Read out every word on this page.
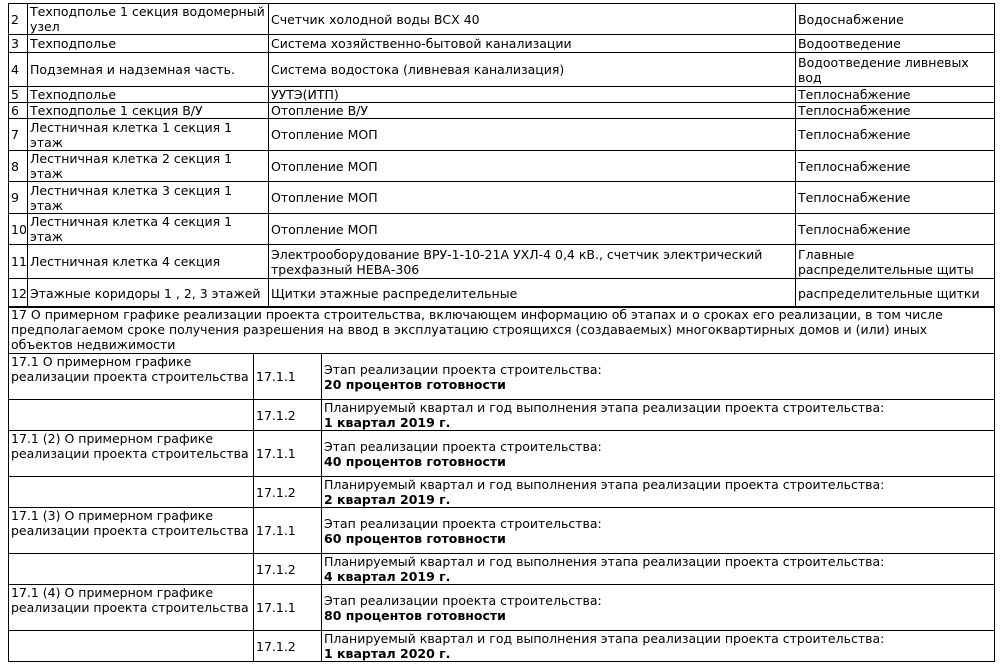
2	Техподполье 1 секция водомерный узел	Счетчик холодной воды ВСХ 40	Водоснабжение
3	Техподполье	Система хозяйственно-бытовой канализации	Водоотведение
4	Подземная и надземная часть.	Система водостока (ливневая канализация)	Водоотведение ливневых вод
5	Техподполье	УУТЭ(ИТП)	Теплоснабжение
6	Техподполье 1 секция В/У	Отопление В/У	Теплоснабжение
7	Лестничная клетка 1 секция 1 этаж	Отопление МОП	Теплоснабжение
8	Лестничная клетка 2 секция 1 этаж	Отопление МОП	Теплоснабжение
9	Лестничная клетка 3 секция 1 этаж	Отопление МОП	Теплоснабжение
10	Лестничная клетка 4 секция 1 этаж	Отопление МОП	Теплоснабжение
11	Лестничная клетка 4 секция	Электрооборудование ВРУ-1-10-21А УХЛ-4 0,4 кВ., счетчик электрический трехфазный НЕВА-306	Главные распределительные щиты
12	Этажные коридоры 1 , 2, 3 этажей	Щитки этажные распределительные	распределительные щитки
17 О примерном графике реализации проекта строительства, включающем информацию об этапах и о сроках его реализации, в том числе предполагаемом сроке получения разрешения на ввод в эксплуатацию строящихся (создаваемых) многоквартирных домов и (или) иных объектов недвижимости		
17.1 О примерном графике реализации проекта строительства	17.1.1	Этап реализации проекта строительства:
20 процентов готовности

	17.1.2	Планируемый квартал и год выполнения этапа реализации проекта строительства:
1 квартал 2019 г.

17.1 (2) О примерном графике реализации проекта строительства	17.1.1	Этап реализации проекта строительства:
40 процентов готовности

	17.1.2	Планируемый квартал и год выполнения этапа реализации проекта строительства:
2 квартал 2019 г.

17.1 (3) О примерном графике реализации проекта строительства	17.1.1	Этап реализации проекта строительства:
60 процентов готовности

	17.1.2	Планируемый квартал и год выполнения этапа реализации проекта строительства:
4 квартал 2019 г.

17.1 (4) О примерном графике реализации проекта строительства	17.1.1	Этап реализации проекта строительства:
80 процентов готовности

	17.1.2	Планируемый квартал и год выполнения этапа реализации проекта строительства:
1 квартал 2020 г.
